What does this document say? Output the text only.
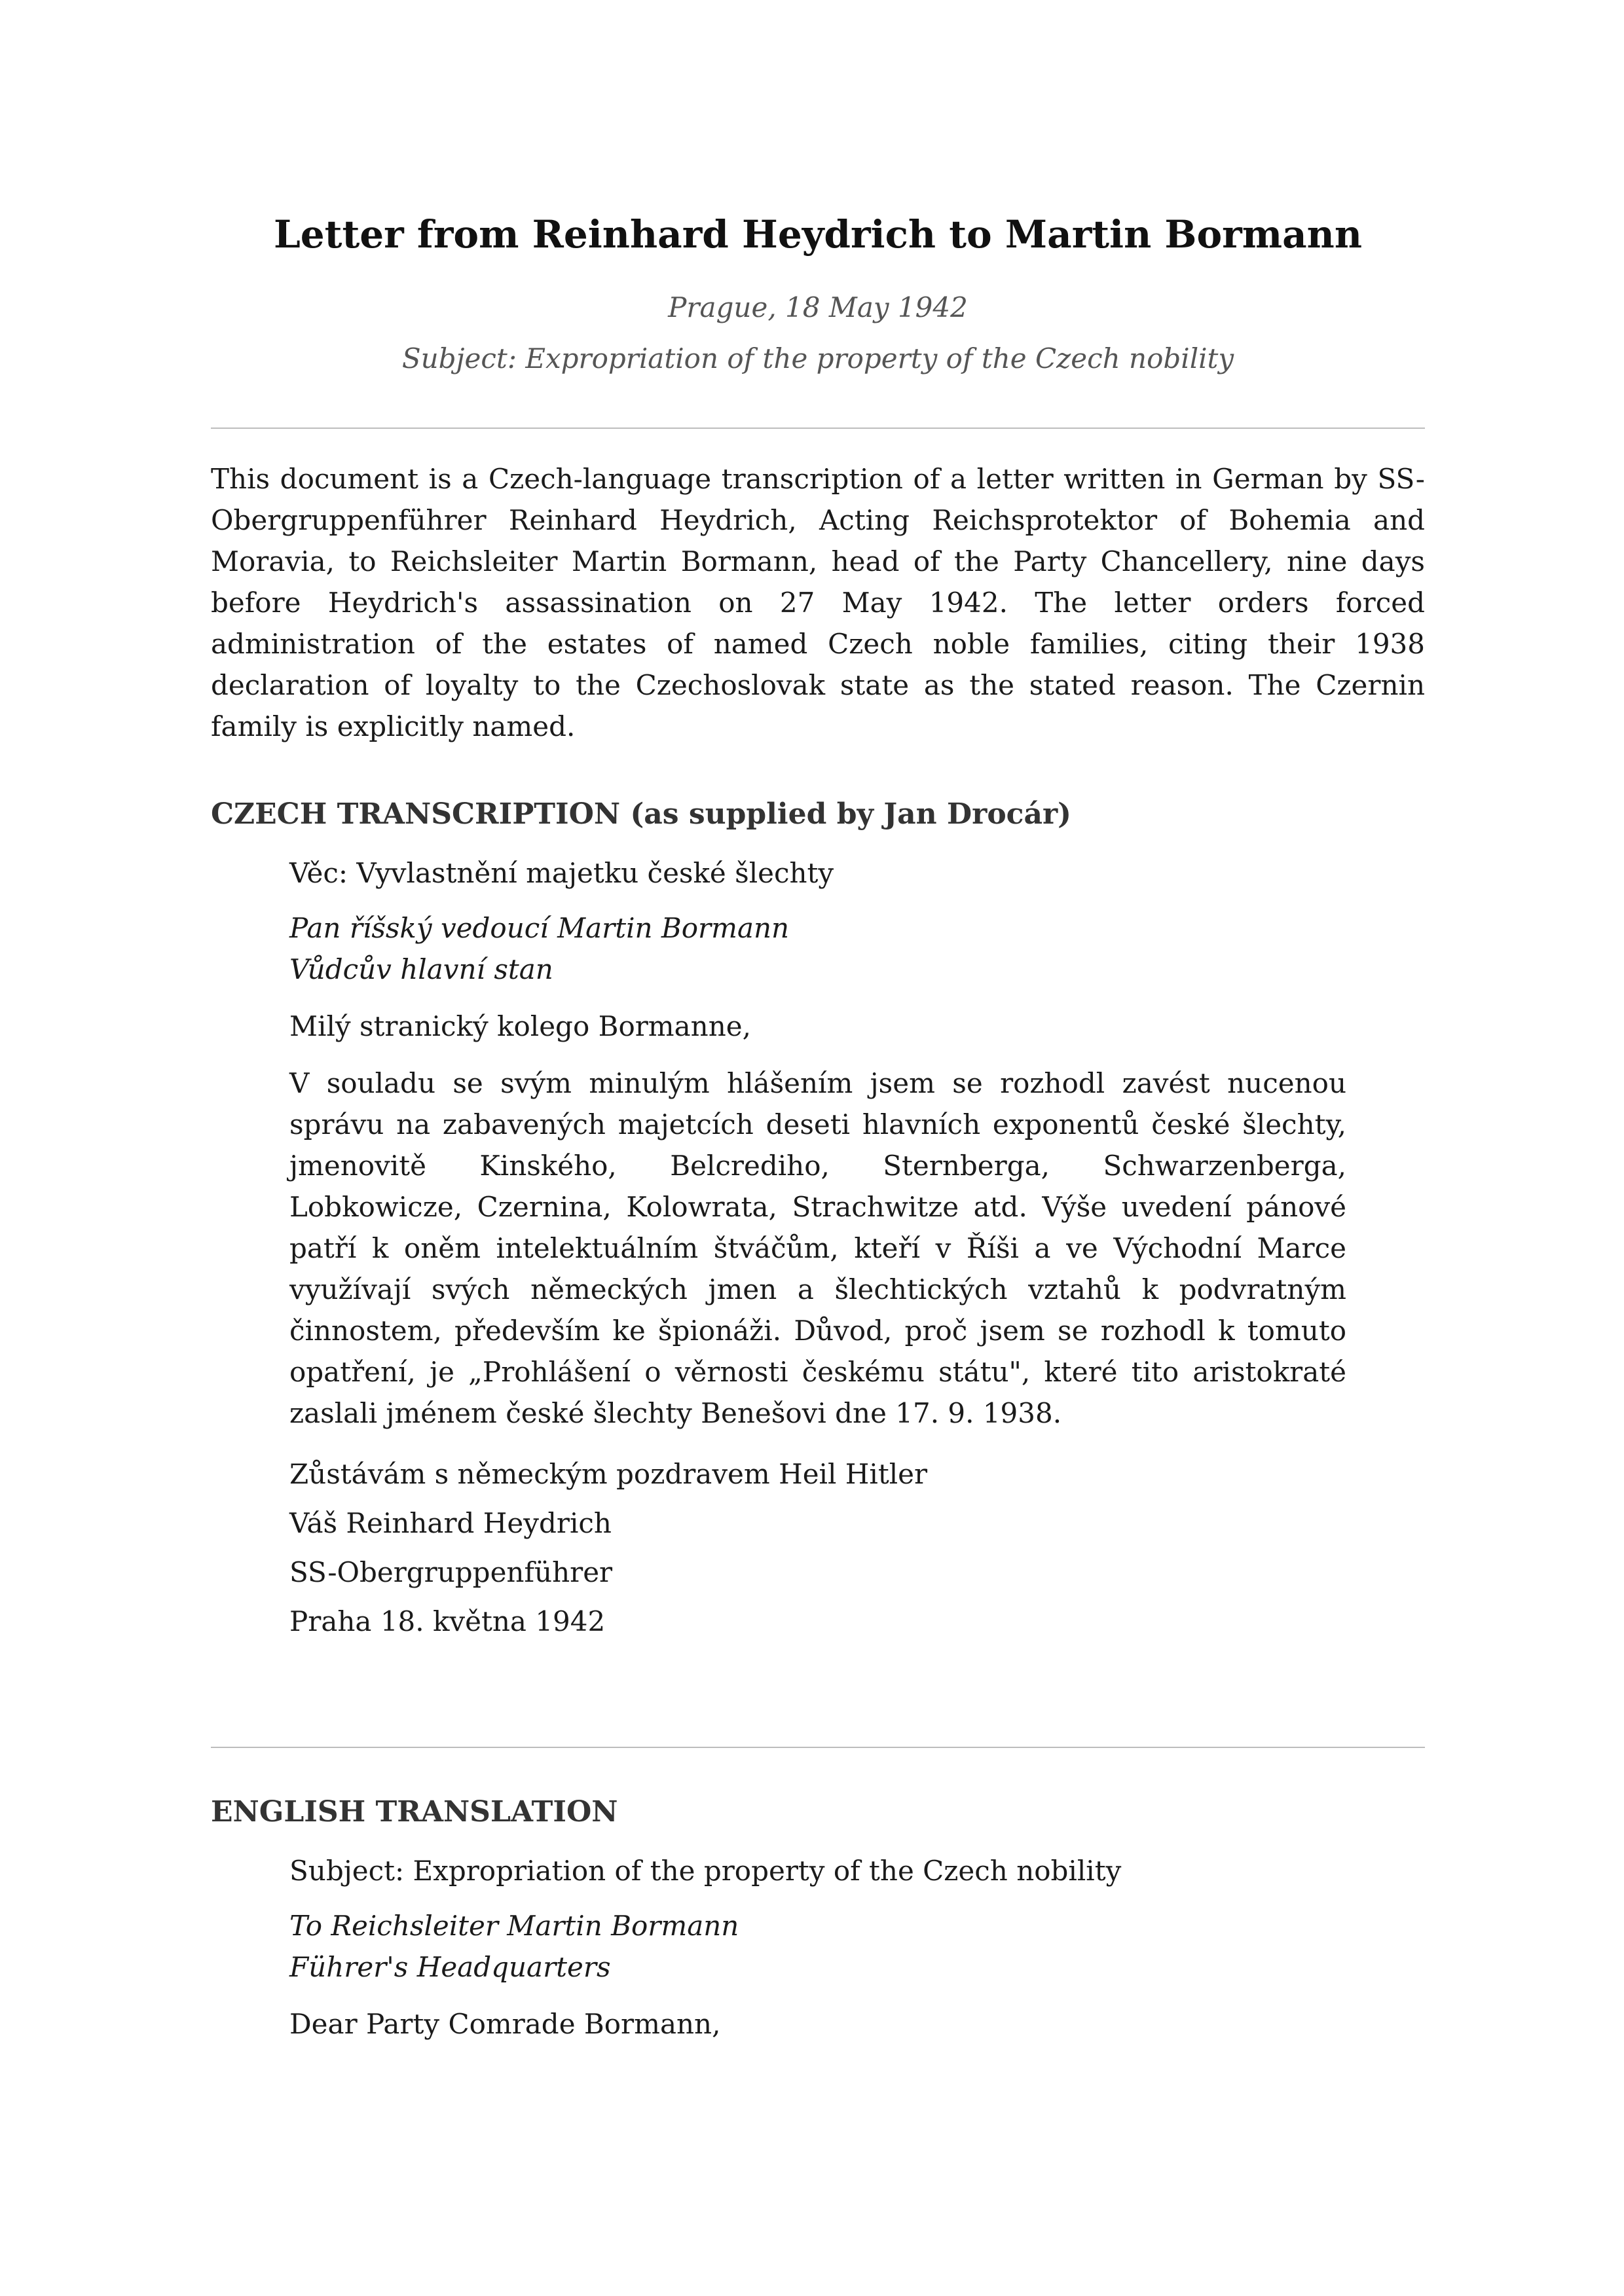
Letter from Reinhard Heydrich to Martin Bormann
Prague, 18 May 1942
Subject: Expropriation of the property of the Czech nobility

This document is a Czech-language transcription of a letter written in German by SS-Obergruppenführer Reinhard Heydrich, Acting Reichsprotektor of Bohemia and Moravia, to Reichsleiter Martin Bormann, head of the Party Chancellery, nine days before Heydrich's assassination on 27 May 1942. The letter orders forced administration of the estates of named Czech noble families, citing their 1938 declaration of loyalty to the Czechoslovak state as the stated reason. The Czernin family is explicitly named.

CZECH TRANSCRIPTION (as supplied by Jan Drocár)

Věc: Vyvlastnění majetku české šlechty

Pan říšský vedoucí Martin Bormann

Vůdcův hlavní stan

Milý stranický kolego Bormanne,

V souladu se svým minulým hlášením jsem se rozhodl zavést nucenou správu na zabavených majetcích deseti hlavních exponentů české šlechty, jmenovitě Kinského, Belcrediho, Sternberga, Schwarzenberga, Lobkowicze, Czernina, Kolowrata, Strachwitze atd. Výše uvedení pánové patří k oněm intelektuálním štváčům, kteří v Říši a ve Východní Marce využívají svých německých jmen a šlechtických vztahů k podvratným činnostem, především ke špionáži. Důvod, proč jsem se rozhodl k tomuto opatření, je „Prohlášení o věrnosti českému státu", které tito aristokraté zaslali jménem české šlechty Benešovi dne 17. 9. 1938.

Zůstávám s německým pozdravem Heil Hitler

Váš Reinhard Heydrich

SS-Obergruppenführer

Praha 18. května 1942

ENGLISH TRANSLATION

Subject: Expropriation of the property of the Czech nobility

To Reichsleiter Martin Bormann

Führer's Headquarters

Dear Party Comrade Bormann,
